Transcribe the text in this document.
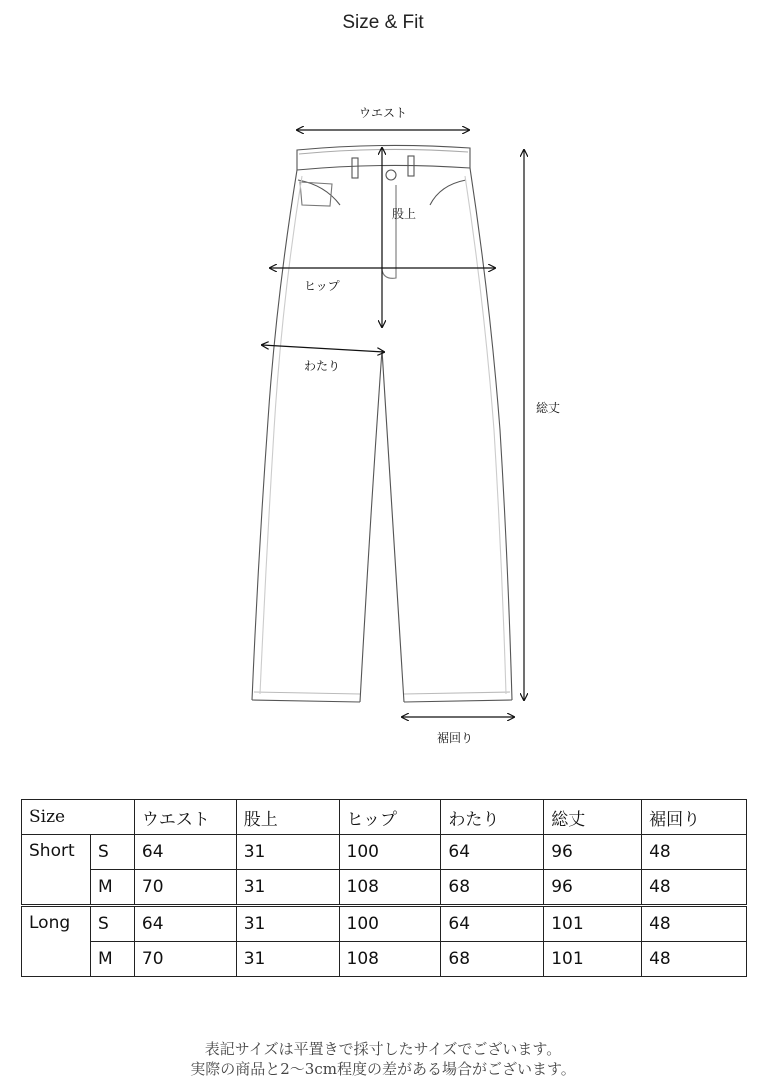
Size & Fit
ウエスト
股上
ヒップ
わたり
総丈
裾回り
Size		ウエスト	股上	ヒップ	わたり	総丈	裾回り
Short	S	64	31	100	64	96	48
	M	70	31	108	68	96	48
Long	S	64	31	100	64	101	48
	M	70	31	108	68	101	48
表記サイズは平置きで採寸したサイズでございます。
実際の商品と2〜3cm程度の差がある場合がございます。
